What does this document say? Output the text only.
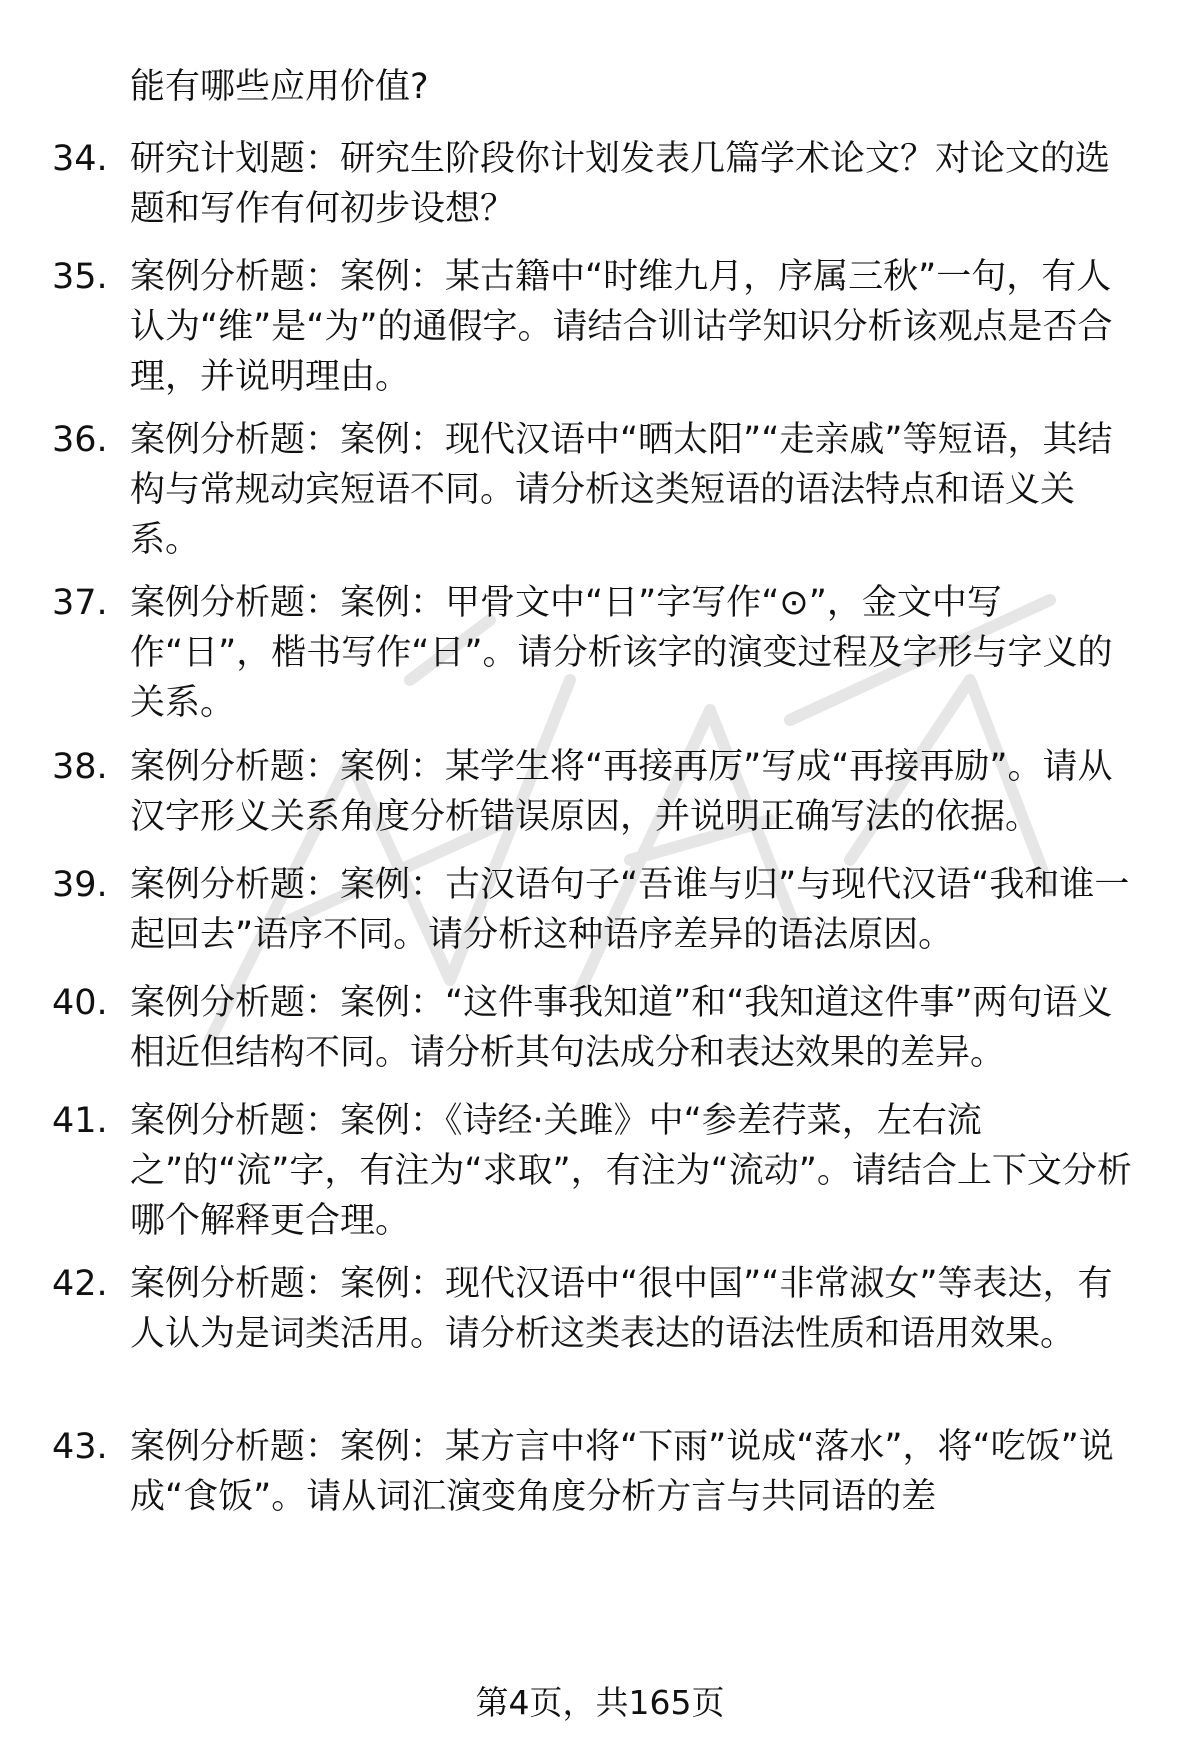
能有哪些应用价值?
34. 研究计划题：研究生阶段你计划发表几篇学术论文？对论文的选题和写作有何初步设想？
35. 案例分析题：案例：某古籍中“时维九月，序属三秋”一句，有人认为“维”是“为”的通假字。请结合训诂学知识分析该观点是否合理，并说明理由。
36. 案例分析题：案例：现代汉语中“晒太阳”“走亲戚”等短语，其结构与常规动宾短语不同。请分析这类短语的语法特点和语义关系。
37. 案例分析题：案例：甲骨文中“日”字写作“⊙”，金文中写作“日”，楷书写作“日”。请分析该字的演变过程及字形与字义的关系。
38. 案例分析题：案例：某学生将“再接再厉”写成“再接再励”。请从汉字形义关系角度分析错误原因，并说明正确写法的依据。
39. 案例分析题：案例：古汉语句子“吾谁与归”与现代汉语“我和谁一起回去”语序不同。请分析这种语序差异的语法原因。
40. 案例分析题：案例：“这件事我知道”和“我知道这件事”两句语义相近但结构不同。请分析其句法成分和表达效果的差异。
41. 案例分析题：案例：《诗经·关雎》中“参差荇菜，左右流之”的“流”字，有注为“求取”，有注为“流动”。请结合上下文分析哪个解释更合理。
42. 案例分析题：案例：现代汉语中“很中国”“非常淑女”等表达，有人认为是词类活用。请分析这类表达的语法性质和语用效果。
43. 案例分析题：案例：某方言中将“下雨”说成“落水”，将“吃饭”说成“食饭”。请从词汇演变角度分析方言与共同语的差
第4页，共165页
